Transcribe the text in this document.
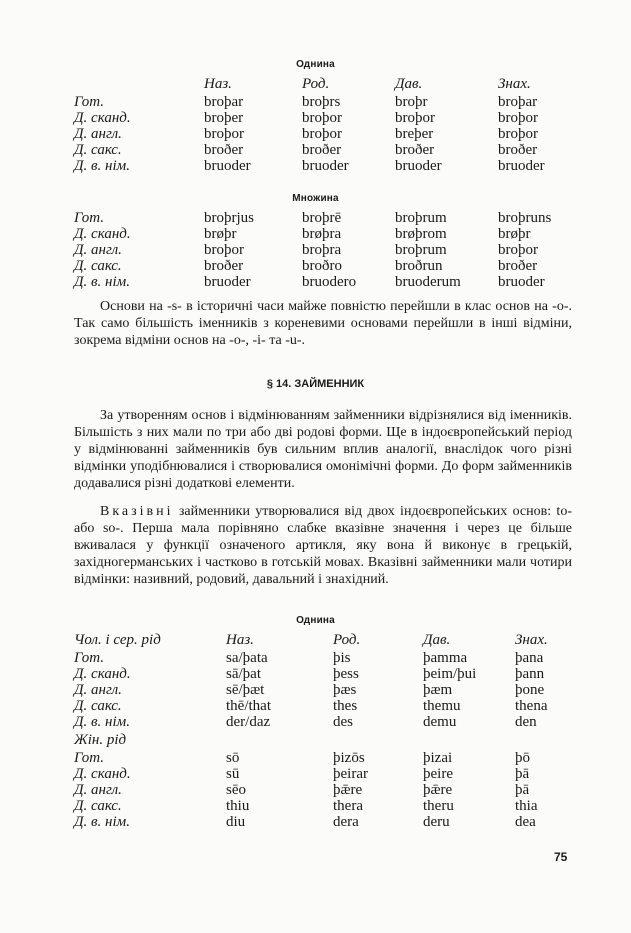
Однина
	Наз.	Род.	Дав.	Знах.
Гот.	broþar	broþrs	broþr	broþar
Д. сканд.	broþer	broþor	broþor	broþor
Д. англ.	broþor	broþor	breþer	broþor
Д. сакс.	broðer	broðer	broðer	broðer
Д. в. нім.	bruoder	bruoder	bruoder	bruoder
Множина
Гот.	broþrjus	broþrē	broþrum	broþruns
Д. сканд.	brøþr	brøþra	brøþrom	brøþr
Д. англ.	broþor	broþra	broþrum	broþor
Д. сакс.	broðer	broðro	broðrun	broðer
Д. в. нім.	bruoder	bruodero	bruoderum	bruoder

Основи на -s- в історичні часи майже повністю перейшли в клас основ на -o-. Так само більшість іменників з кореневими основами перейшли в інші відміни, зокрема відміни основ на -o-, -i- та -u-.

§ 14. ЗАЙМЕННИК

За утворенням основ і відмінюванням займенники відрізнялися від іменників. Більшість з них мали по три або дві родові форми. Ще в індоєвропейський період у відмінюванні займенників був сильним вплив аналогії, внаслідок чого різні відмінки уподібнювалися і створювалися омонімічні форми. До форм займенників додавалися різні додаткові елементи.

Вказівні займенники утворювалися від двох індоєвропейських основ: to- або so-. Перша мала порівняно слабке вказівне значення і через це більше вживалася у функції означеного артикля, яку вона й виконує в грецькій, західногерманських і частково в готській мовах. Вказівні займенники мали чотири відмінки: називний, родовий, давальний і знахідний.

Однина
Чол. і сер. рід	Наз.	Род.	Дав.	Знах.
Гот.	sa/þata	þis	þamma	þana
Д. сканд.	sā/þat	þess	þeim/þui	þann
Д. англ.	sē/þæt	þæs	þæm	þone
Д. сакс.	thē/that	thes	themu	thena
Д. в. нім.	der/daz	des	demu	den
Жін. рід				
Гот.	sō	þizōs	þizai	þō
Д. сканд.	sū	þeirar	þeire	þā
Д. англ.	sēo	þǣre	þǣre	þā
Д. сакс.	thiu	thera	theru	thia
Д. в. нім.	diu	dera	deru	dea
75
